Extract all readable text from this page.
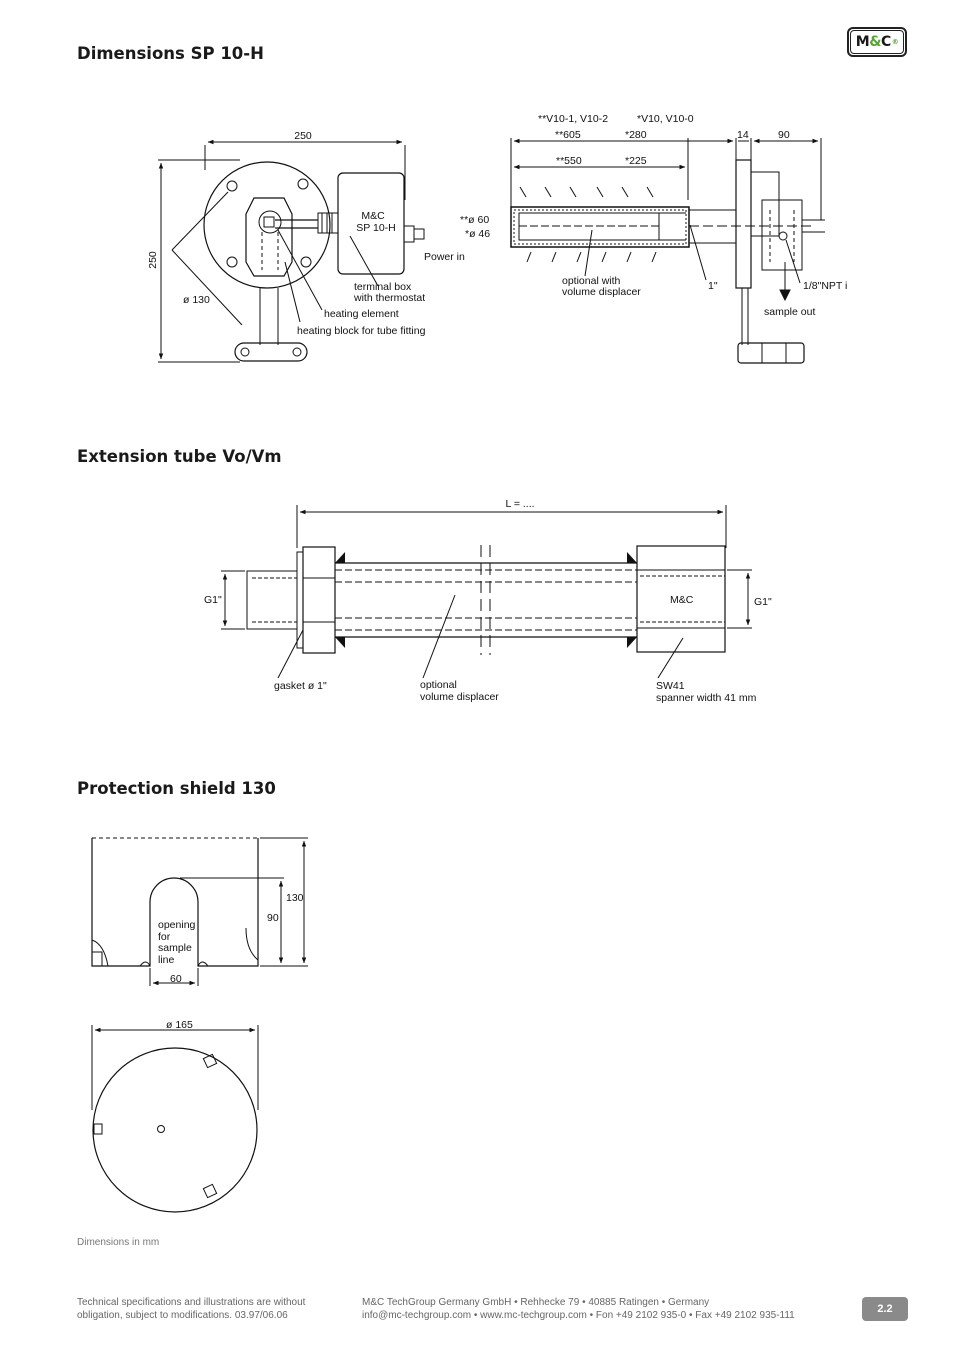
Dimensions SP 10-H
M & C ®
250
250
ø 130
M&C
SP 10-H
Power in
terminal box
with thermostat
heating element
heating block for tube fitting
**V10-1, V10-2	*V10, V10-0
**605	*280	14	90
**550	*225
**ø 60
*ø 46
optional with
volume displacer	1"	1/8"NPT i
sample out
Extension tube Vo/Vm
L = ....
G1"	G1"
M&C
gasket ø 1"	optional
volume displacer
SW41
spanner width 41 mm
Protection shield 130
130
90
60
opening
for
sample
line
ø 165
Dimensions in mm
Technical specifications and illustrations are without
obligation, subject to modifications. 03.97/06.06
M&C TechGroup Germany GmbH • Rehhecke 79 • 40885 Ratingen • Germany
info@mc-techgroup.com • www.mc-techgroup.com • Fon +49 2102 935-0 • Fax +49 2102 935-111	2.2
